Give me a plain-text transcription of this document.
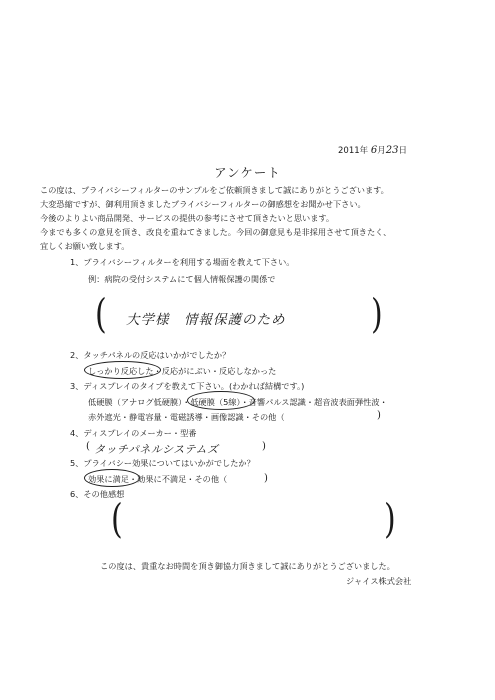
2011年 6月23日
アンケート
この度は、プライバシーフィルターのサンプルをご依頼頂きまして誠にありがとうございます。
大変恐縮ですが、御利用頂きましたプライバシーフィルターの御感想をお聞かせ下さい。
今後のよりよい商品開発、サービスの提供の参考にさせて頂きたいと思います。
今までも多くの意見を頂き、改良を重ねてきました。今回の御意見も是非採用させて頂きたく、
宜しくお願い致します。
1、プライバシーフィルターを利用する場面を教えて下さい。
例：病院の受付システムにて個人情報保護の関係で
( 大学様　情報保護のため	)
2、タッチパネルの反応はいかがでしたか？
しっかり反応した・反応がにぶい・反応しなかった
3、ディスプレイのタイプを教えて下さい。(わかれば結構です。)
低硬膜（アナログ低硬膜）・低硬膜（5線）・音響パルス認識・超音波表面弾性波・
赤外遮光・静電容量・電磁誘導・画像認識・その他（	)
4、ディスプレイのメーカー・型番
( タッチパネルシステムズ	)
5、プライバシー効果についてはいかがでしたか？
効果に満足・効果に不満足・その他（	)
6、その他感想
(	)
この度は、貴重なお時間を頂き御協力頂きまして誠にありがとうございました。
ジャイス株式会社
